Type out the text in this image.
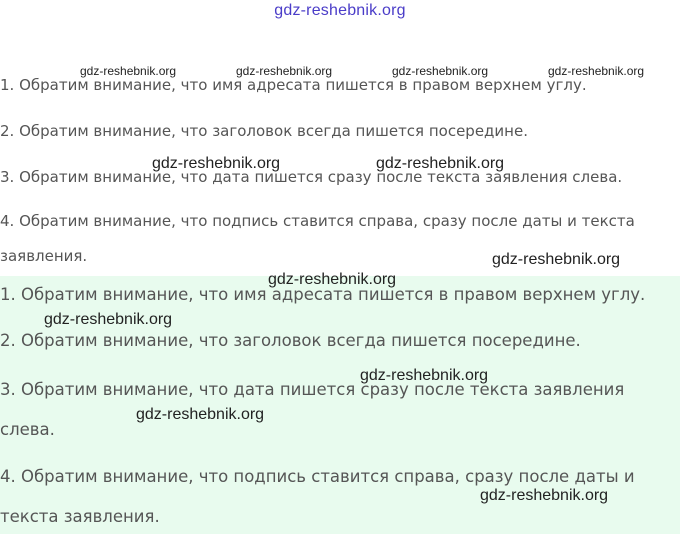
1. Обратим внимание, что имя адресата пишется в правом верхнем углу.
2. Обратим внимание, что заголовок всегда пишется посередине.
3. Обратим внимание, что дата пишется сразу после текста заявления слева.
4. Обратим внимание, что подпись ставится справа, сразу после даты и текста
заявления.
1. Обратим внимание, что имя адресата пишется в правом верхнем углу.
2. Обратим внимание, что заголовок всегда пишется посередине.
3. Обратим внимание, что дата пишется сразу после текста заявления
слева.
4. Обратим внимание, что подпись ставится справа, сразу после даты и
текста заявления.
gdz-reshebnik.org
gdz-reshebnik.org	gdz-reshebnik.org	gdz-reshebnik.org	gdz-reshebnik.org
gdz-reshebnik.org	gdz-reshebnik.org
gdz-reshebnik.org
gdz-reshebnik.org
gdz-reshebnik.org
gdz-reshebnik.org
gdz-reshebnik.org
gdz-reshebnik.org
